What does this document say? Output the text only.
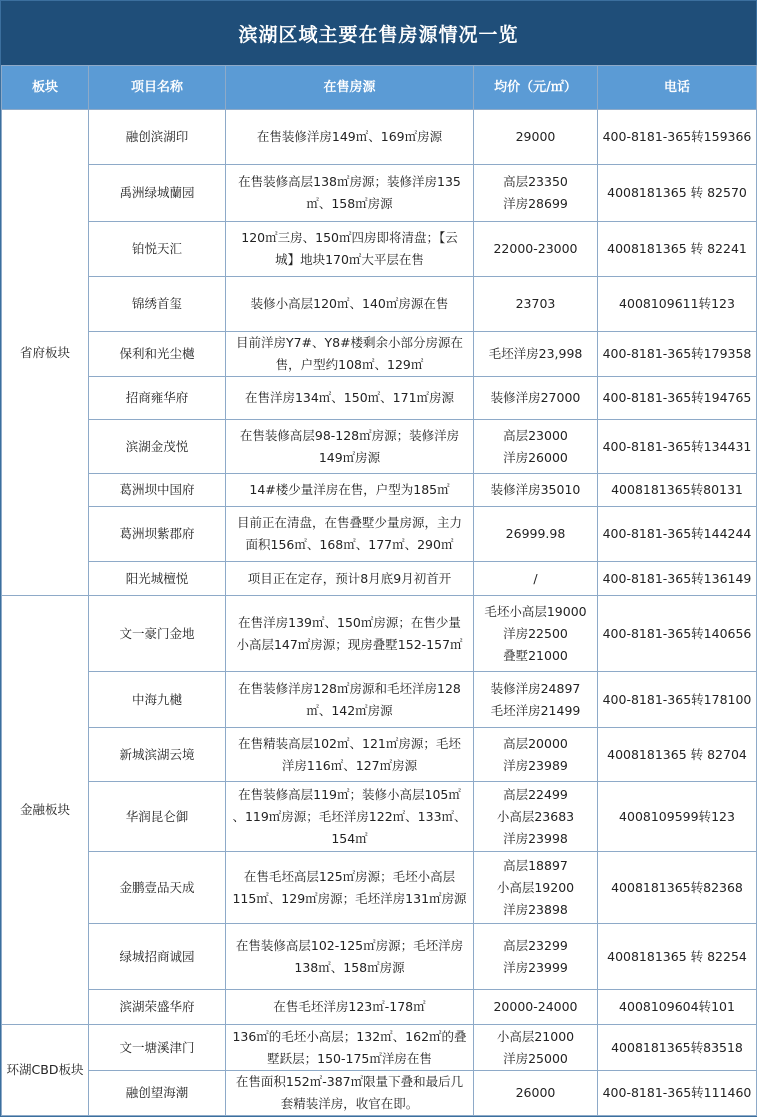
滨湖区域主要在售房源情况一览
板块	项目名称	在售房源	均价（元/㎡）	电话
省府板块	融创滨湖印	在售装修洋房149㎡、169㎡房源	29000	400-8181-365转159366
	禹洲绿城蘭园	在售装修高层138㎡房源；装修洋房135
㎡、158㎡房源	高层23350
洋房28699	4008181365 转 82570
	铂悦天汇	120㎡三房、150㎡四房即将清盘；【云
城】地块170㎡大平层在售	22000-23000	4008181365 转 82241
	锦绣首玺	装修小高层120㎡、140㎡房源在售	23703	4008109611转123
	保利和光尘樾	目前洋房Y7#、Y8#楼剩余小部分房源在
售，户型约108㎡、129㎡	毛坯洋房23,998	400-8181-365转179358
	招商雍华府	在售洋房134㎡、150㎡、171㎡房源	装修洋房27000	400-8181-365转194765
	滨湖金茂悦	在售装修高层98-128㎡房源；装修洋房
149㎡房源	高层23000
洋房26000	400-8181-365转134431
	葛洲坝中国府	14#楼少量洋房在售，户型为185㎡	装修洋房35010	4008181365转80131
	葛洲坝紫郡府	目前正在清盘，在售叠墅少量房源，主力
面积156㎡、168㎡、177㎡、290㎡	26999.98	400-8181-365转144244
	阳光城檀悦	项目正在定存，预计8月底9月初首开	/	400-8181-365转136149
金融板块	文一豪门金地	在售洋房139㎡、150㎡房源；在售少量
小高层147㎡房源；现房叠墅152-157㎡	毛坯小高层19000
洋房22500
叠墅21000	400-8181-365转140656
	中海九樾	在售装修洋房128㎡房源和毛坯洋房128
㎡、142㎡房源	装修洋房24897
毛坯洋房21499	400-8181-365转178100
	新城滨湖云境	在售精装高层102㎡、121㎡房源；毛坯
洋房116㎡、127㎡房源	高层20000
洋房23989	4008181365 转 82704
	华润昆仑御	在售装修高层119㎡；装修小高层105㎡
、119㎡房源；毛坯洋房122㎡、133㎡、
154㎡	高层22499
小高层23683
洋房23998	4008109599转123
	金鹏壹品天成	在售毛坯高层125㎡房源；毛坯小高层
115㎡、129㎡房源；毛坯洋房131㎡房源	高层18897
小高层19200
洋房23898	4008181365转82368
	绿城招商诚园	在售装修高层102-125㎡房源；毛坯洋房
138㎡、158㎡房源	高层23299
洋房23999	4008181365 转 82254
	滨湖荣盛华府	在售毛坯洋房123㎡-178㎡	20000-24000	4008109604转101
环湖CBD板块	文一塘溪津门	136㎡的毛坯小高层；132㎡、162㎡的叠
墅跃层；150-175㎡洋房在售	小高层21000
洋房25000	4008181365转83518
	融创望海潮	在售面积152㎡-387㎡限量下叠和最后几
套精装洋房，收官在即。	26000	400-8181-365转111460
